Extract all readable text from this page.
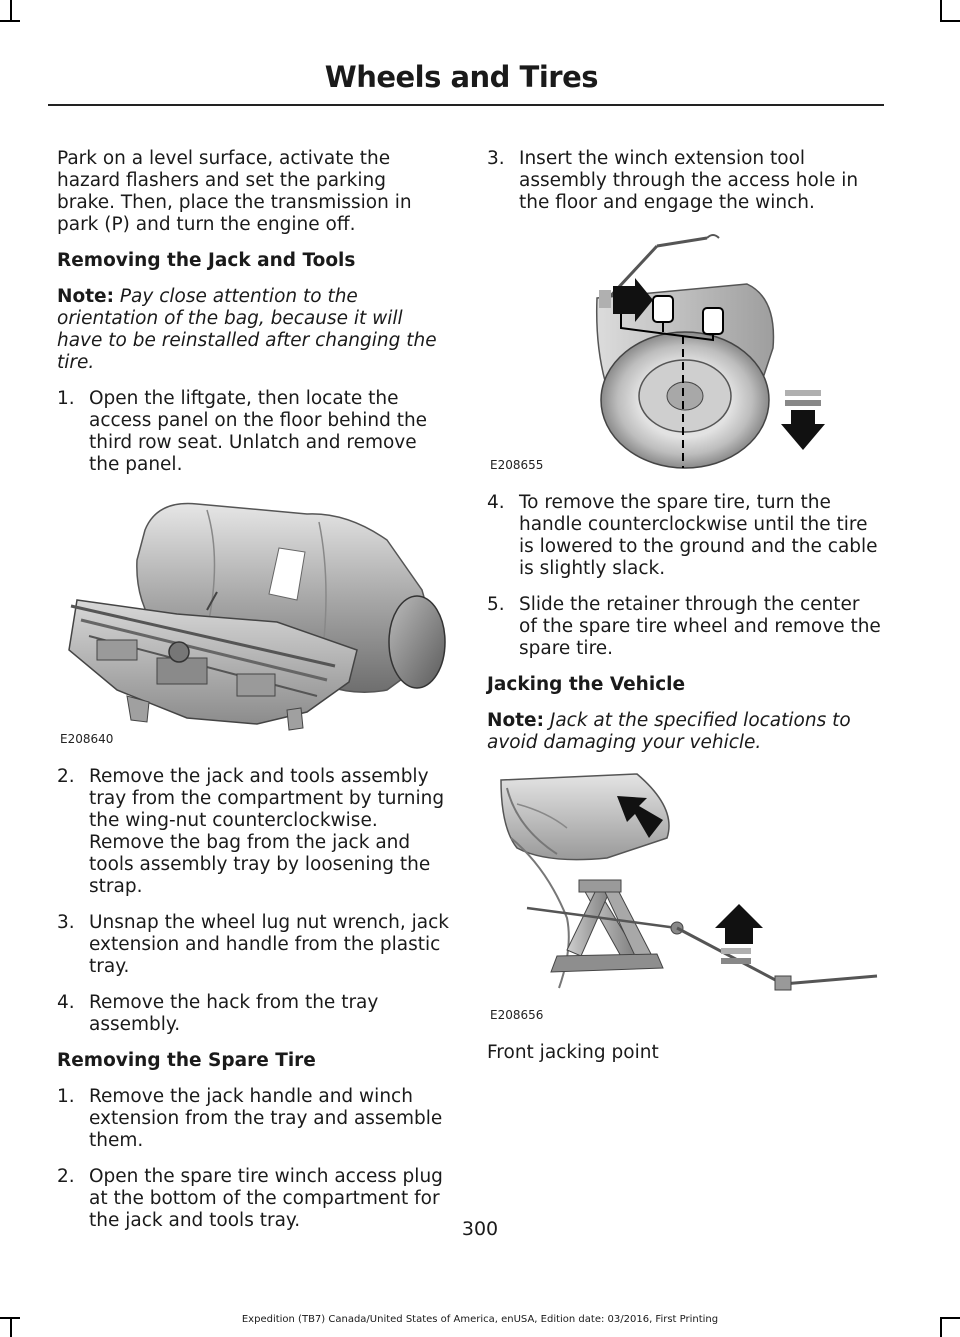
Wheels and Tires

Park on a level surface, activate the hazard flashers and set the parking brake. Then, place the transmission in park (P) and turn the engine off.

Removing the Jack and Tools

Note: Pay close attention to the orientation of the bag, because it will have to be reinstalled after changing the tire.

1. Open the liftgate, then locate the access panel on the floor behind the third row seat. Unlatch and remove the panel.
E208640
2. Remove the jack and tools assembly tray from the compartment by turning the wing-nut counterclockwise. Remove the bag from the jack and tools assembly tray by loosening the strap.
3. Unsnap the wheel lug nut wrench, jack extension and handle from the plastic tray.
4. Remove the hack from the tray assembly.
Removing the Spare Tire
1. Remove the jack handle and winch extension from the tray and assemble them.
2. Open the spare tire winch access plug at the bottom of the compartment for the jack and tools tray.
3. Insert the winch extension tool assembly through the access hole in the floor and engage the winch.
E208655
4. To remove the spare tire, turn the handle counterclockwise until the tire is lowered to the ground and the cable is slightly slack.
5. Slide the retainer through the center of the spare tire wheel and remove the spare tire.
Jacking the Vehicle

Note: Jack at the specified locations to avoid damaging your vehicle.

E208656

Front jacking point

300
Expedition (TB7) Canada/United States of America, enUSA, Edition date: 03/2016, First Printing
